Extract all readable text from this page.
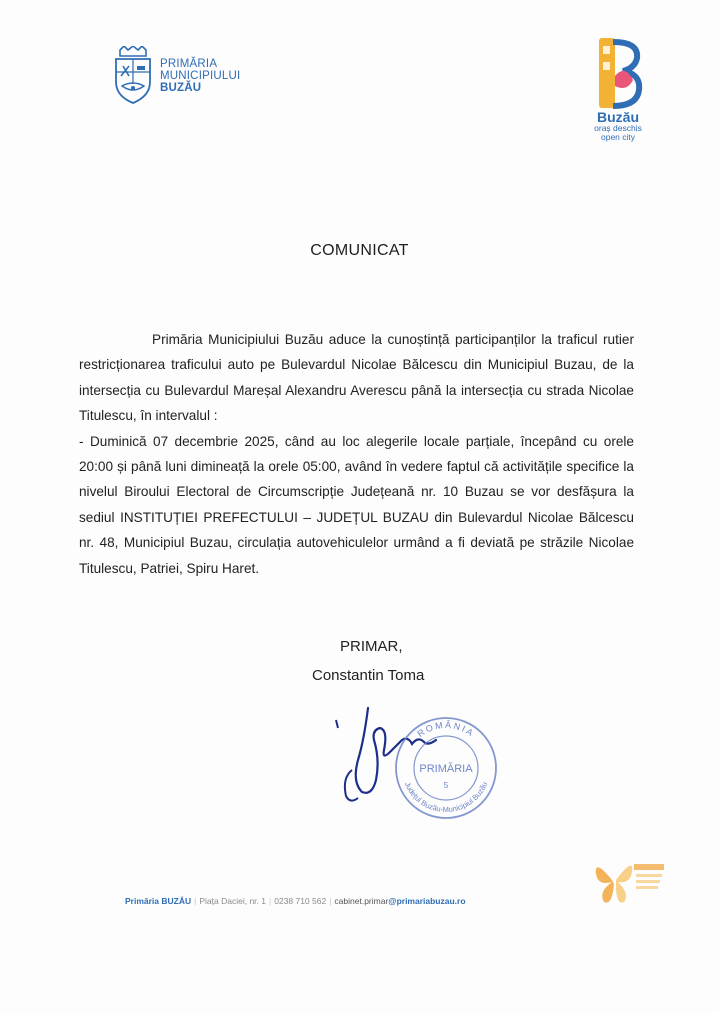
PRIMĂRIA
MUNICIPIULUI
BUZĂU
Buzău
oraș deschis
open city
COMUNICAT

Primăria Municipiului Buzău aduce la cunoștință participanților la traficul rutier restricționarea traficului auto pe Bulevardul Nicolae Bălcescu din Municipiul Buzau, de la intersecția cu Bulevardul Mareșal Alexandru Averescu până la intersecția cu strada Nicolae Titulescu, în intervalul :

- Duminică 07 decembrie 2025, când au loc alegerile locale parțiale, începând cu orele 20:00 și până luni dimineață la orele 05:00, având în vedere faptul că activitățile specifice la nivelul Biroului Electoral de Circumscripție Județeană nr. 10 Buzau se vor desfășura la sediul INSTITUȚIEI PREFECTULUI – JUDEȚUL BUZAU din Bulevardul Nicolae Bălcescu nr. 48, Municipiul Buzau, circulația autovehiculelor urmând a fi deviată pe străzile Nicolae Titulescu, Patriei, Spiru Haret.

PRIMAR,
Constantin Toma
ROMÂNIA
Județul Buzău-Municipiul Buzău
PRIMĂRIA
5
Primăria BUZĂU | Piața Daciei, nr. 1 | 0238 710 562 | cabinet.primar@primariabuzau.ro
